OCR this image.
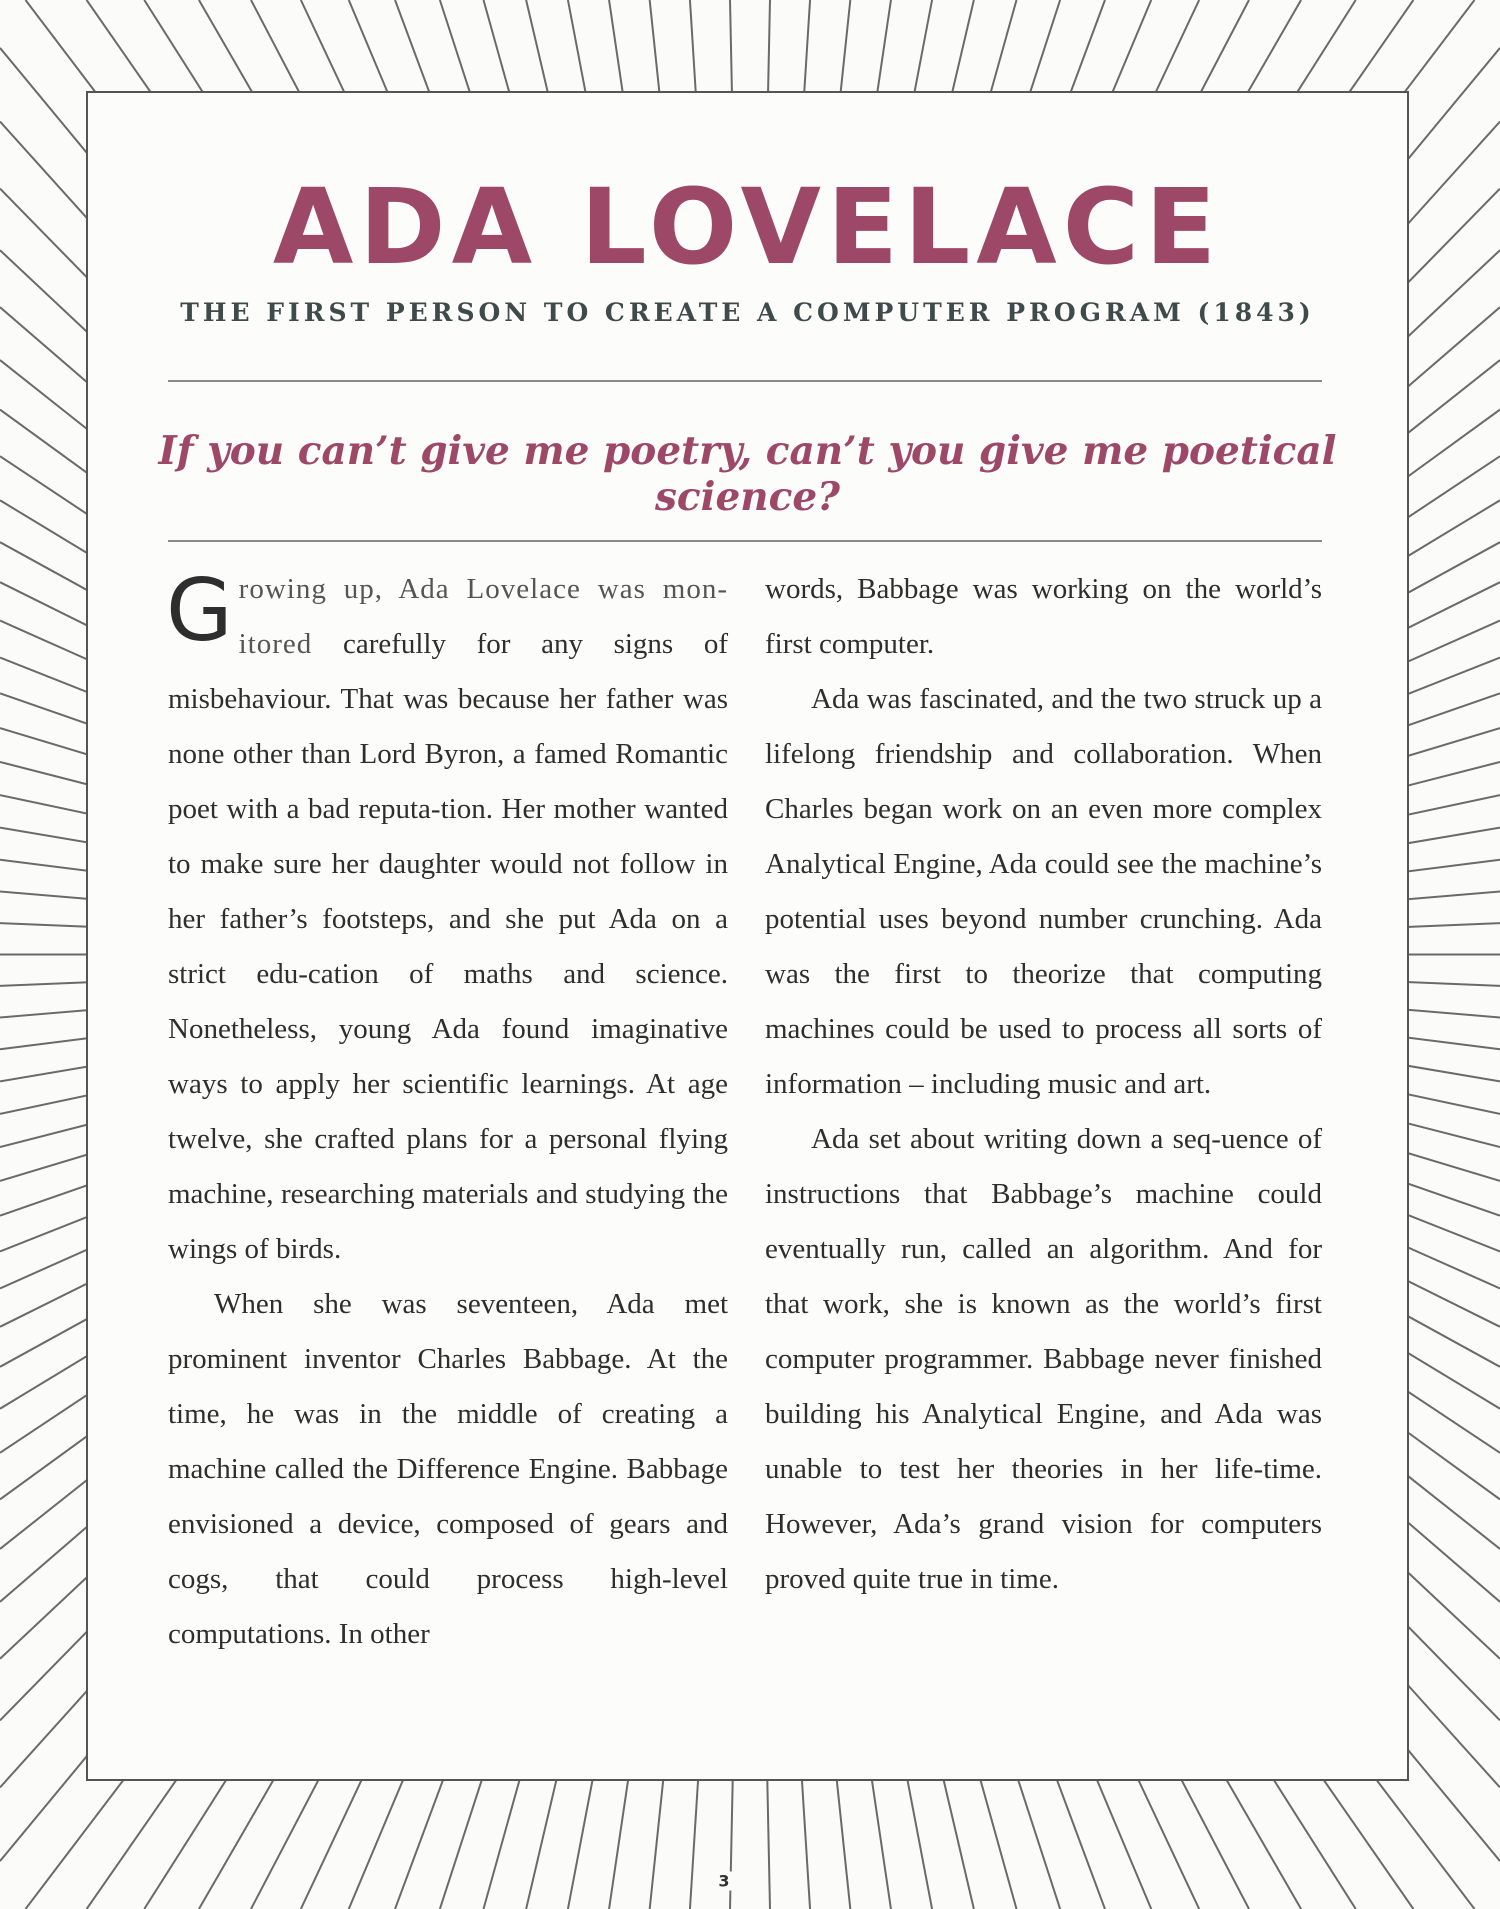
ADA LOVELACE
THE FIRST PERSON TO CREATE A COMPUTER PROGRAM (1843)
If you can’t give me poetry, can’t you give me poetical science?

Growing up, Ada Lovelace was mon-itored carefully for any signs of misbehaviour. That was because her father was none other than Lord Byron, a famed Romantic poet with a bad reputa-tion. Her mother wanted to make sure her daughter would not follow in her father’s footsteps, and she put Ada on a strict edu-cation of maths and science. Nonetheless, young Ada found imaginative ways to apply her scientific learnings. At age twelve, she crafted plans for a personal flying machine, researching materials and studying the wings of birds.

When she was seventeen, Ada met prominent inventor Charles Babbage. At the time, he was in the middle of creating a machine called the Difference Engine. Babbage envisioned a device, composed of gears and cogs, that could process high-level computations. In other

words, Babbage was working on the world’s first computer.

Ada was fascinated, and the two struck up a lifelong friendship and collaboration. When Charles began work on an even more complex Analytical Engine, Ada could see the machine’s potential uses beyond number crunching. Ada was the first to theorize that computing machines could be used to process all sorts of information – including music and art.

Ada set about writing down a seq-uence of instructions that Babbage’s machine could eventually run, called an algorithm. And for that work, she is known as the world’s first computer programmer. Babbage never finished building his Analytical Engine, and Ada was unable to test her theories in her life-time. However, Ada’s grand vision for computers proved quite true in time.

3
